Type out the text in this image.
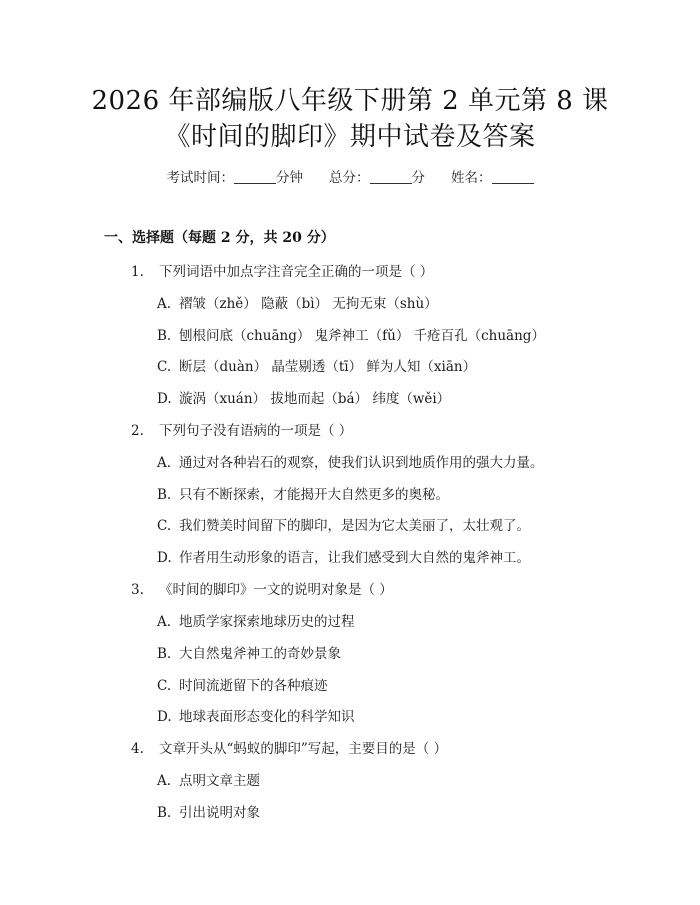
2026 年部编版八年级下册第 2 单元第 8 课
《时间的脚印》期中试卷及答案
考试时间：	分钟 总分：	分 姓名：
一、选择题（每题 2 分，共 20 分）
1. 下列词语中加点字注音完全正确的一项是（ ）
A. 褶皱（zhě） 隐蔽（bì） 无拘无束（shù）
B. 刨根问底（chuāng） 鬼斧神工（fǔ） 千疮百孔（chuāng）
C. 断层（duàn） 晶莹剔透（tī） 鲜为人知（xiān）
D. 漩涡（xuán） 拔地而起（bá） 纬度（wěi）
2. 下列句子没有语病的一项是（ ）
A. 通过对各种岩石的观察，使我们认识到地质作用的强大力量。
B. 只有不断探索，才能揭开大自然更多的奥秘。
C. 我们赞美时间留下的脚印，是因为它太美丽了，太壮观了。
D. 作者用生动形象的语言，让我们感受到大自然的鬼斧神工。
3. 《时间的脚印》一文的说明对象是（ ）
A. 地质学家探索地球历史的过程
B. 大自然鬼斧神工的奇妙景象
C. 时间流逝留下的各种痕迹
D. 地球表面形态变化的科学知识
4. 文章开头从“蚂蚁的脚印”写起，主要目的是（ ）
A. 点明文章主题
B. 引出说明对象
